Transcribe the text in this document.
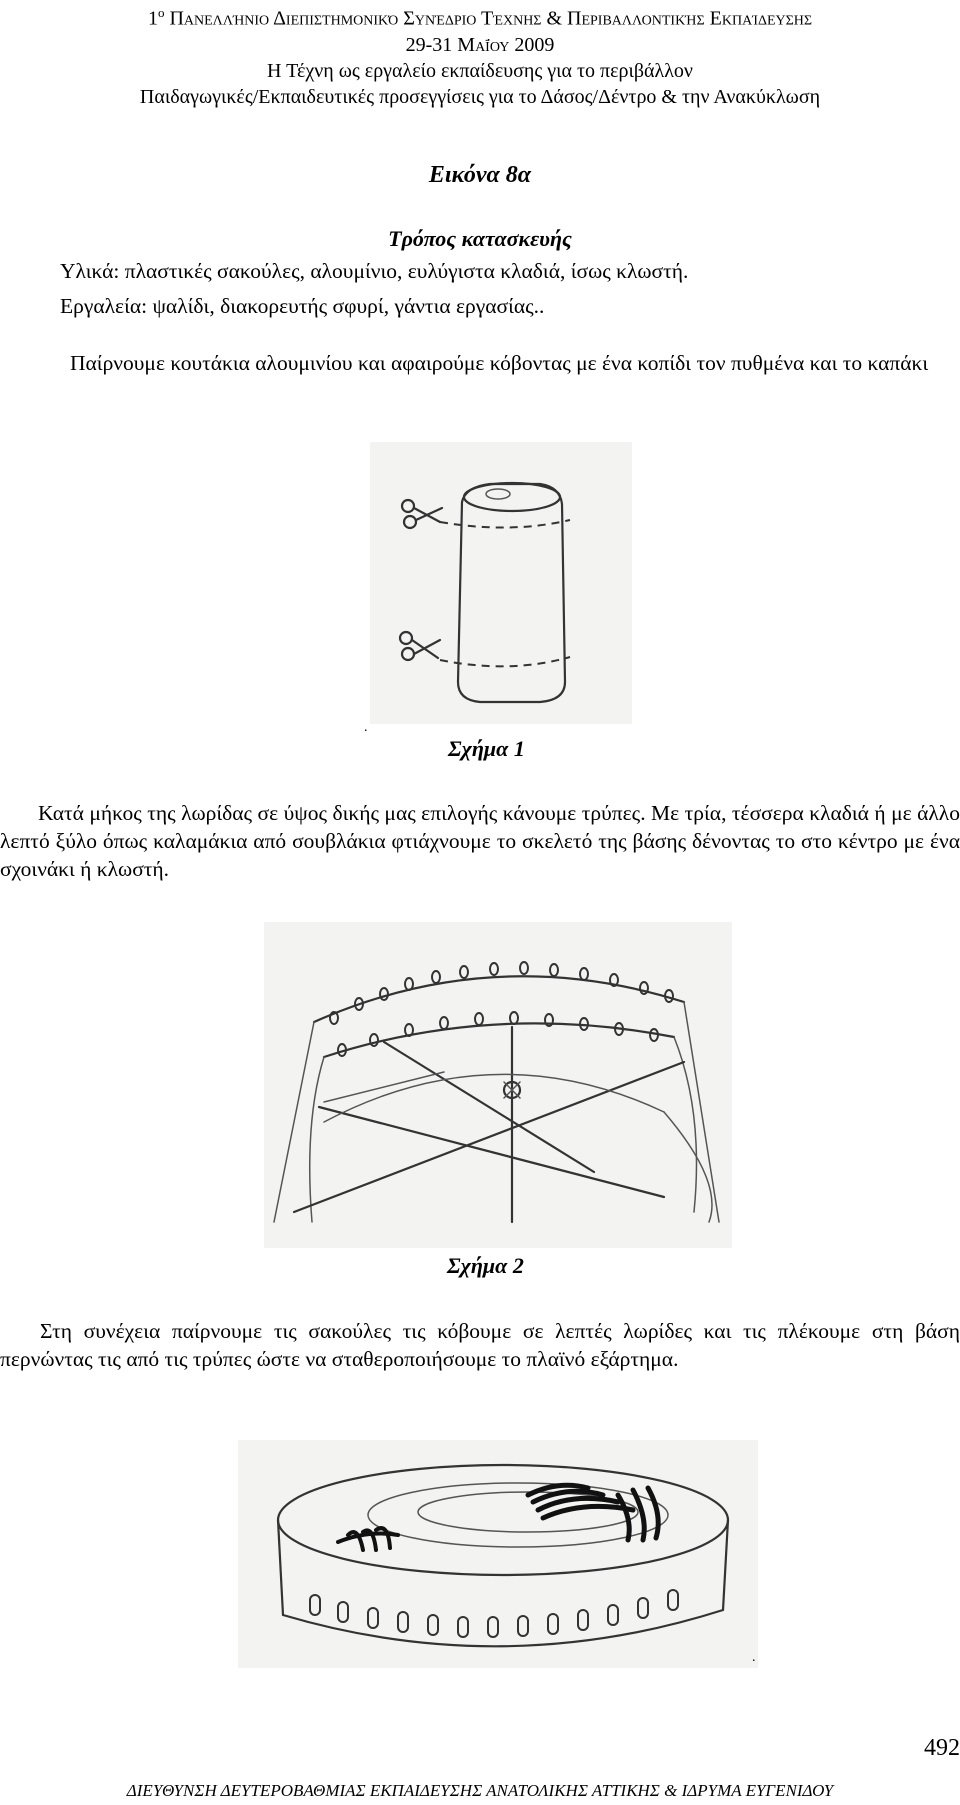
$1^o$ Πανελλήνιο Διεπιστημονικό Συνέδριο Τέχνης & Περιβαλλοντικής Εκπαίδευσης
29-31 Μαΐου 2009
Η Τέχνη ως εργαλείο εκπαίδευσης για το περιβάλλον
Παιδαγωγικές/Εκπαιδευτικές προσεγγίσεις για το Δάσος/Δέντρο & την Ανακύκλωση
Εικόνα 8α
Τρόπος κατασκευής
Υλικά: πλαστικές σακούλες, αλουμίνιο, ευλύγιστα κλαδιά, ίσως κλωστή.
Εργαλεία: ψαλίδι, διακορευτής σφυρί, γάντια εργασίας..
Παίρνουμε κουτάκια αλουμινίου και αφαιρούμε κόβοντας με ένα κοπίδι τον πυθμένα και το καπάκι
.
Σχήμα 1
Κατά μήκος της λωρίδας σε ύψος δικής μας επιλογής κάνουμε τρύπες. Με τρία, τέσσερα κλαδιά ή με άλλο λεπτό ξύλο όπως καλαμάκια από σουβλάκια φτιάχνουμε το σκελετό της βάσης δένοντας το στο κέντρο με ένα σχοινάκι ή κλωστή.
Σχήμα 2
Στη συνέχεια παίρνουμε τις σακούλες τις κόβουμε σε λεπτές λωρίδες και τις πλέκουμε στη βάση περνώντας τις από τις τρύπες ώστε να σταθεροποιήσουμε το πλαϊνό εξάρτημα.
.
492
ΔΙΕΥΘΥΝΣΗ ΔΕΥΤΕΡΟΒΑΘΜΙΑΣ ΕΚΠΑΙΔΕΥΣΗΣ ΑΝΑΤΟΛΙΚΗΣ ΑΤΤΙΚΗΣ & ΙΔΡΥΜΑ ΕΥΓΕΝΙΔΟΥ
